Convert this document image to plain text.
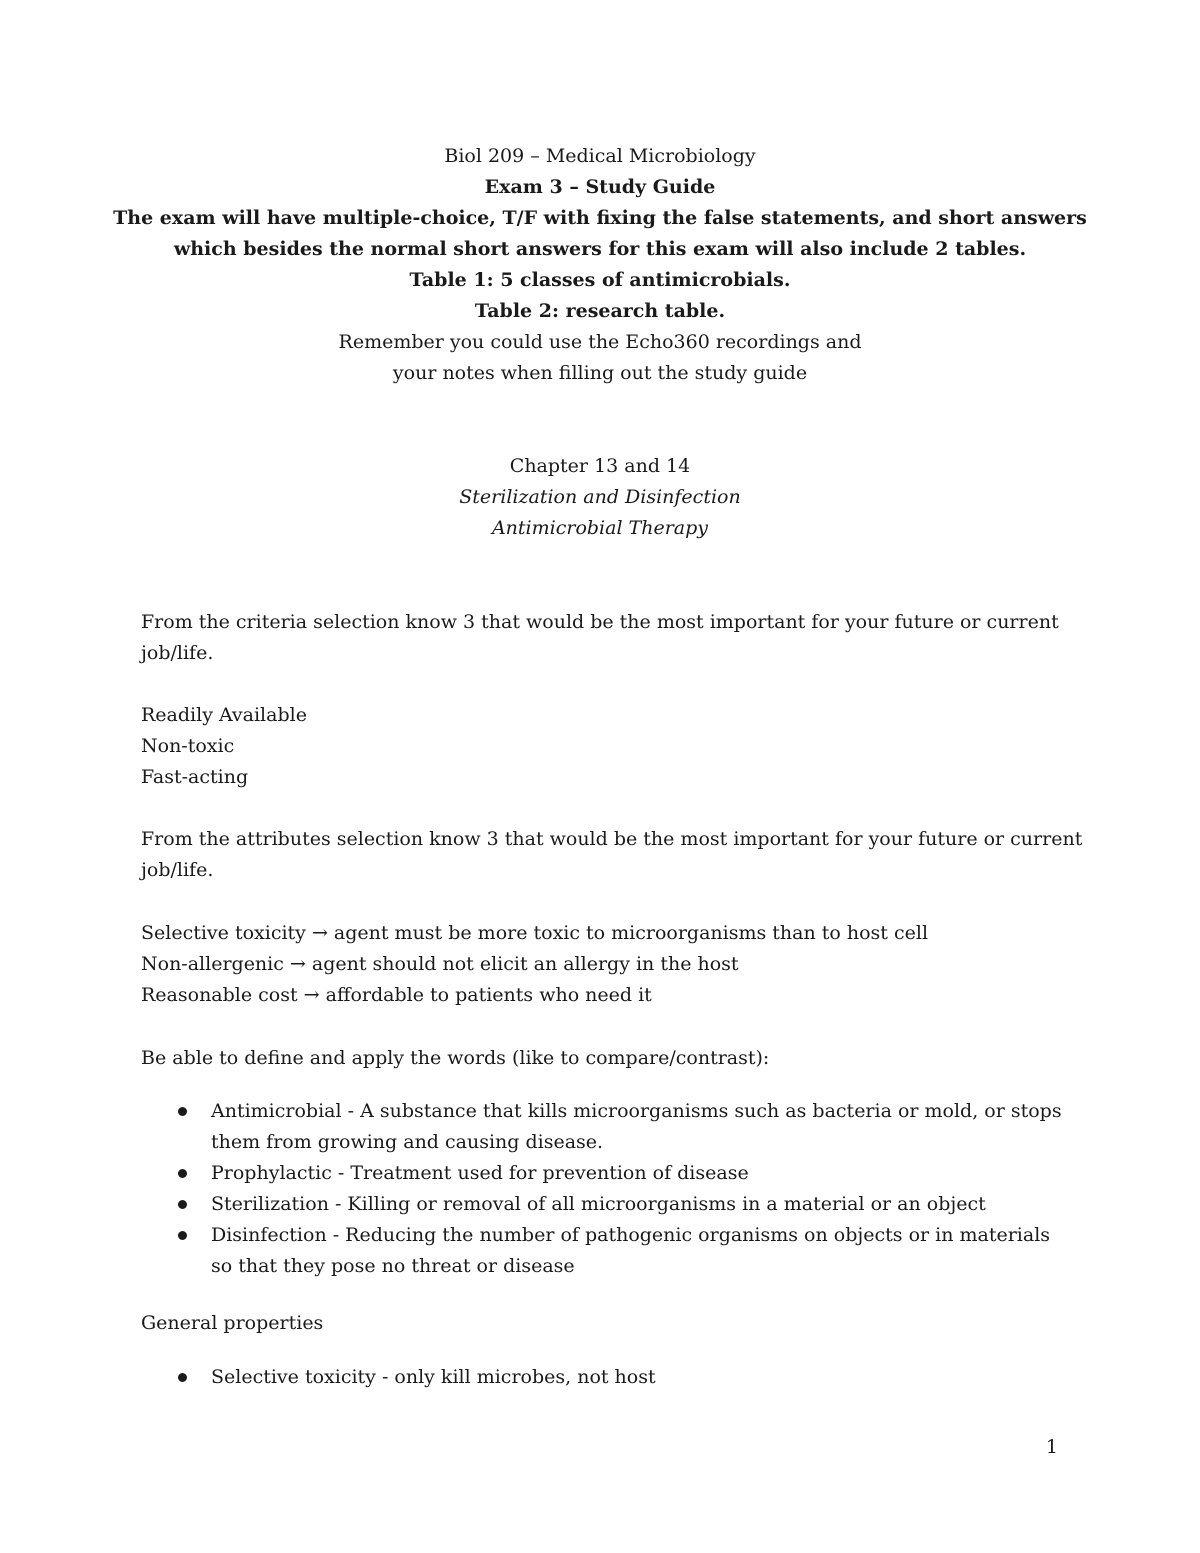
Biol 209 – Medical Microbiology
Exam 3 – Study Guide
The exam will have multiple-choice, T/F with fixing the false statements, and short answers
which besides the normal short answers for this exam will also include 2 tables.
Table 1: 5 classes of antimicrobials.
Table 2: research table.
Remember you could use the Echo360 recordings and
your notes when filling out the study guide
Chapter 13 and 14
Sterilization and Disinfection
Antimicrobial Therapy
From the criteria selection know 3 that would be the most important for your future or current
job/life.
Readily Available
Non-toxic
Fast-acting
From the attributes selection know 3 that would be the most important for your future or current
job/life.
Selective toxicity → agent must be more toxic to microorganisms than to host cell
Non-allergenic → agent should not elicit an allergy in the host
Reasonable cost → affordable to patients who need it
Be able to define and apply the words (like to compare/contrast):
Antimicrobial - A substance that kills microorganisms such as bacteria or mold, or stops them from growing and causing disease.
Prophylactic - Treatment used for prevention of disease
Sterilization - Killing or removal of all microorganisms in a material or an object
Disinfection - Reducing the number of pathogenic organisms on objects or in materials so that they pose no threat or disease
General properties
Selective toxicity - only kill microbes, not host
1
